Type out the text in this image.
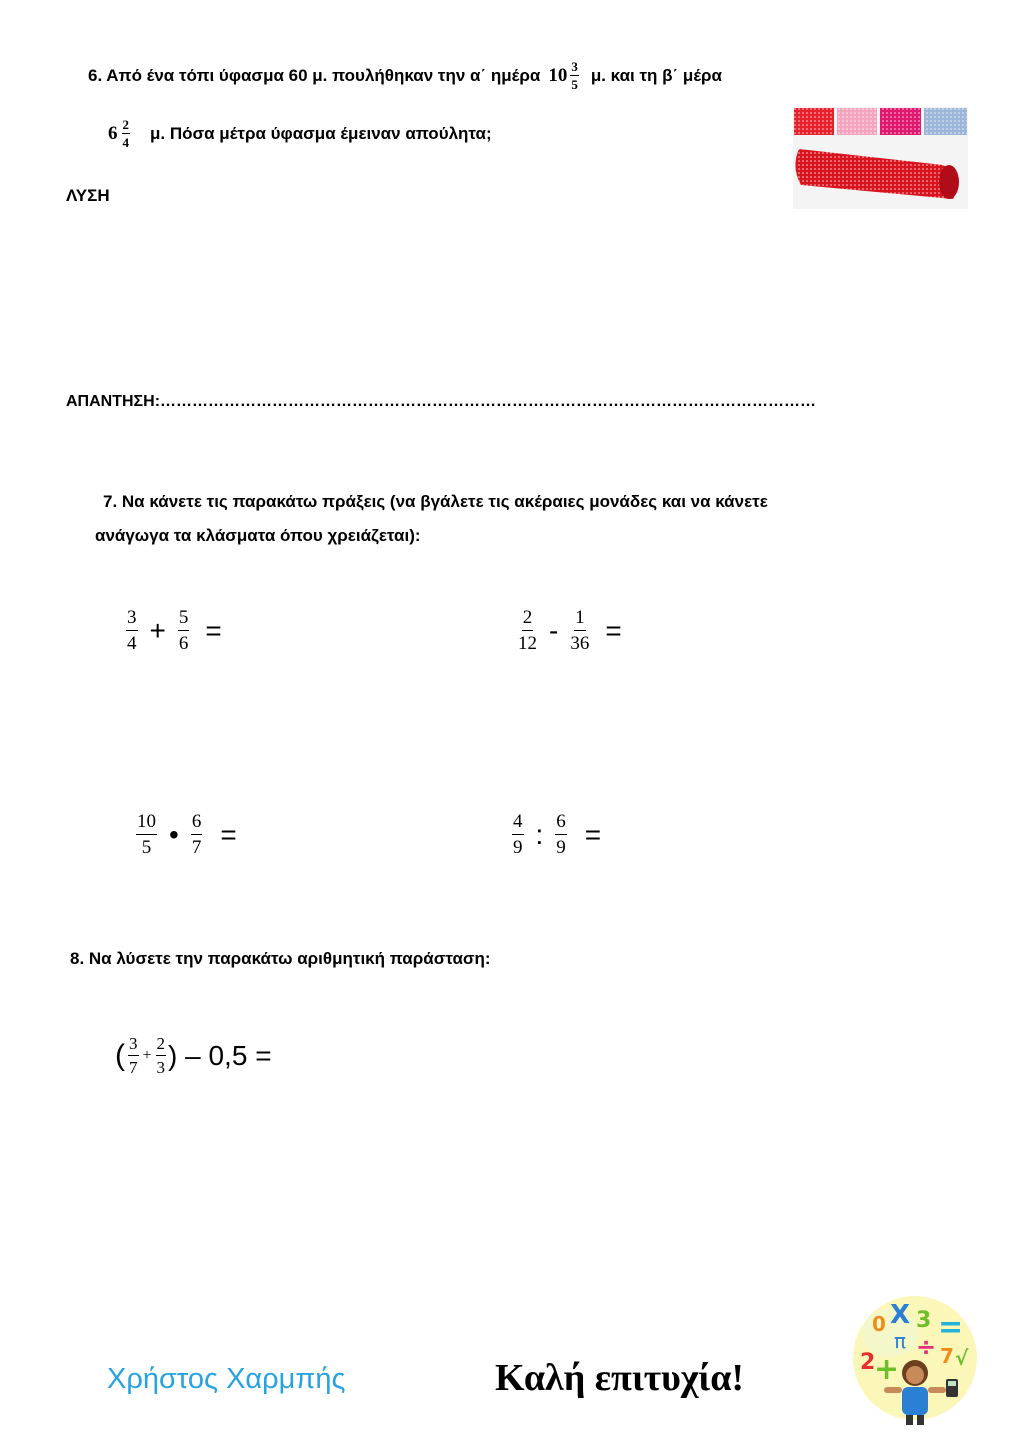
6. Από ένα τόπι ύφασμα 60 μ. πουλήθηκαν την α΄ ημέρα $10 \frac{3}{5} \mu$. και τη β΄ μέρα
$6 \frac{2}{4} \mu$. Πόσα μέτρα ύφασμα έμειναν απούλητα;
ΛΥΣΗ
ΑΠΑΝΤΗΣΗ:……………………………………………………………………………………………………………
7. Να κάνετε τις παρακάτω πράξεις (να βγάλετε τις ακέραιες μονάδες και να κάνετε
ανάγωγα τα κλάσματα όπου χρειάζεται):
$\frac{3}{4} + \frac{5}{6}$ =	$\frac{2}{12} - \frac{1}{36}$ =
$\frac{10}{5}$ • $\frac{6}{7}$ =	$\frac{4}{9}$ : $\frac{6}{9}$ =
8. Να λύσετε την παρακάτω αριθμητική παράσταση:
( $\frac{3}{7} + \frac{2}{3}$ ) – 0,5 =
Χρήστος Χαρμπής	Καλή επιτυχία!
0 X 3 =
π ÷ 7 √
2
+
